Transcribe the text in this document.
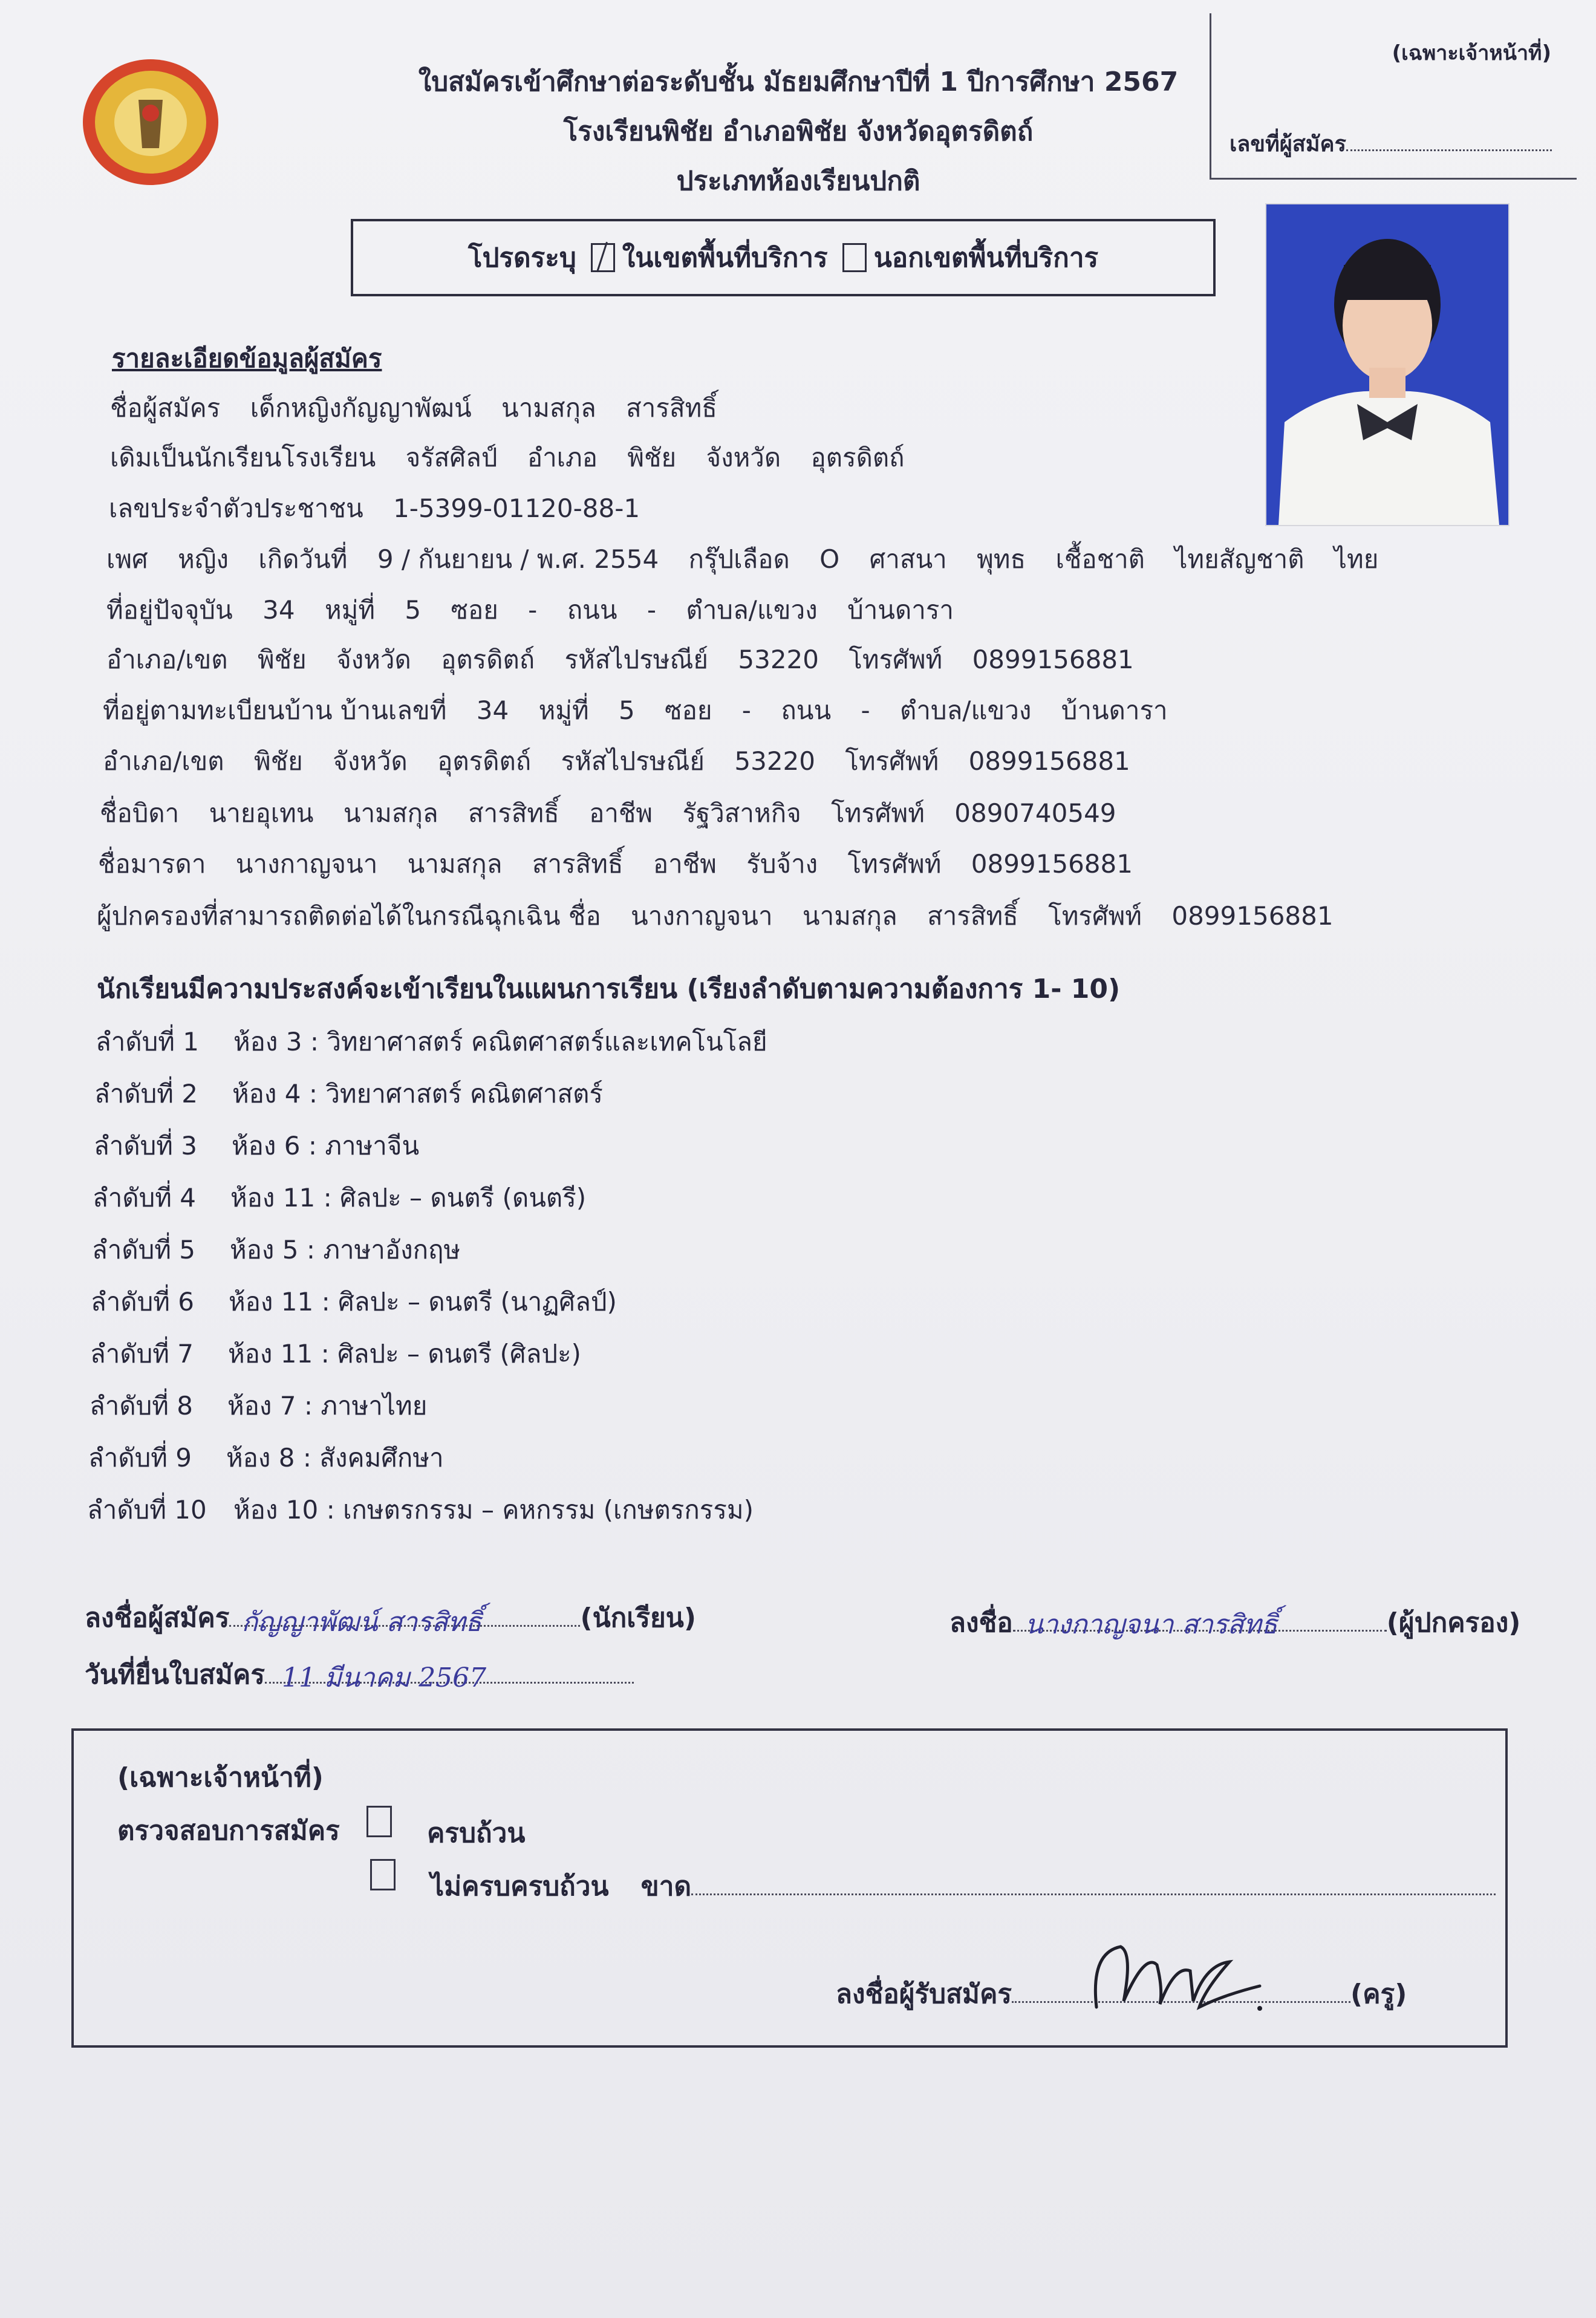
ใบสมัครเข้าศึกษาต่อระดับชั้น มัธยมศึกษาปีที่ 1 ปีการศึกษา 2567
โรงเรียนพิชัย อำเภอพิชัย จังหวัดอุตรดิตถ์
ประเภทห้องเรียนปกติ
(เฉพาะเจ้าหน้าที่)
เลขที่ผู้สมัคร
โปรดระบุ ในเขตพื้นที่บริการ นอกเขตพื้นที่บริการ
รายละเอียดข้อมูลผู้สมัคร
ชื่อผู้สมัคร เด็กหญิงกัญญาพัฒน์ นามสกุล สารสิทธิ์
เดิมเป็นนักเรียนโรงเรียน จรัสศิลป์ อำเภอ พิชัย จังหวัด อุตรดิตถ์
เลขประจำตัวประชาชน 1-5399-01120-88-1
เพศ หญิง เกิดวันที่ 9 / กันยายน / พ.ศ. 2554 กรุ๊ปเลือด O ศาสนา พุทธ เชื้อชาติ ไทยสัญชาติ ไทย
ที่อยู่ปัจจุบัน 34 หมู่ที่ 5 ซอย - ถนน - ตำบล/แขวง บ้านดารา
อำเภอ/เขต พิชัย จังหวัด อุตรดิตถ์ รหัสไปรษณีย์ 53220 โทรศัพท์ 0899156881
ที่อยู่ตามทะเบียนบ้าน บ้านเลขที่ 34 หมู่ที่ 5 ซอย - ถนน - ตำบล/แขวง บ้านดารา
อำเภอ/เขต พิชัย จังหวัด อุตรดิตถ์ รหัสไปรษณีย์ 53220 โทรศัพท์ 0899156881
ชื่อบิดา นายอุเทน นามสกุล สารสิทธิ์ อาชีพ รัฐวิสาหกิจ โทรศัพท์ 0890740549
ชื่อมารดา นางกาญจนา นามสกุล สารสิทธิ์ อาชีพ รับจ้าง โทรศัพท์ 0899156881
ผู้ปกครองที่สามารถติดต่อได้ในกรณีฉุกเฉิน ชื่อ นางกาญจนา นามสกุล สารสิทธิ์ โทรศัพท์ 0899156881
นักเรียนมีความประสงค์จะเข้าเรียนในแผนการเรียน (เรียงลำดับตามความต้องการ 1- 10)
ลำดับที่ 1 ห้อง 3 : วิทยาศาสตร์ คณิตศาสตร์และเทคโนโลยี
ลำดับที่ 2 ห้อง 4 : วิทยาศาสตร์ คณิตศาสตร์
ลำดับที่ 3 ห้อง 6 : ภาษาจีน
ลำดับที่ 4 ห้อง 11 : ศิลปะ – ดนตรี (ดนตรี)
ลำดับที่ 5 ห้อง 5 : ภาษาอังกฤษ
ลำดับที่ 6 ห้อง 11 : ศิลปะ – ดนตรี (นาฏศิลป์)
ลำดับที่ 7 ห้อง 11 : ศิลปะ – ดนตรี (ศิลปะ)
ลำดับที่ 8 ห้อง 7 : ภาษาไทย
ลำดับที่ 9 ห้อง 8 : สังคมศึกษา
ลำดับที่ 10 ห้อง 10 : เกษตรกรรม – คหกรรม (เกษตรกรรม)
ลงชื่อผู้สมัคร กัญญาพัฒน์ สารสิทธิ์	(นักเรียน)	ลงชื่อ นางกาญจนา สารสิทธิ์	(ผู้ปกครอง)
วันที่ยื่นใบสมัคร 11 มีนาคม 2567
(เฉพาะเจ้าหน้าที่)
ตรวจสอบการสมัคร	ครบถ้วน
ไม่ครบครบถ้วน ขาด
ลงชื่อผู้รับสมัคร	(ครู)
